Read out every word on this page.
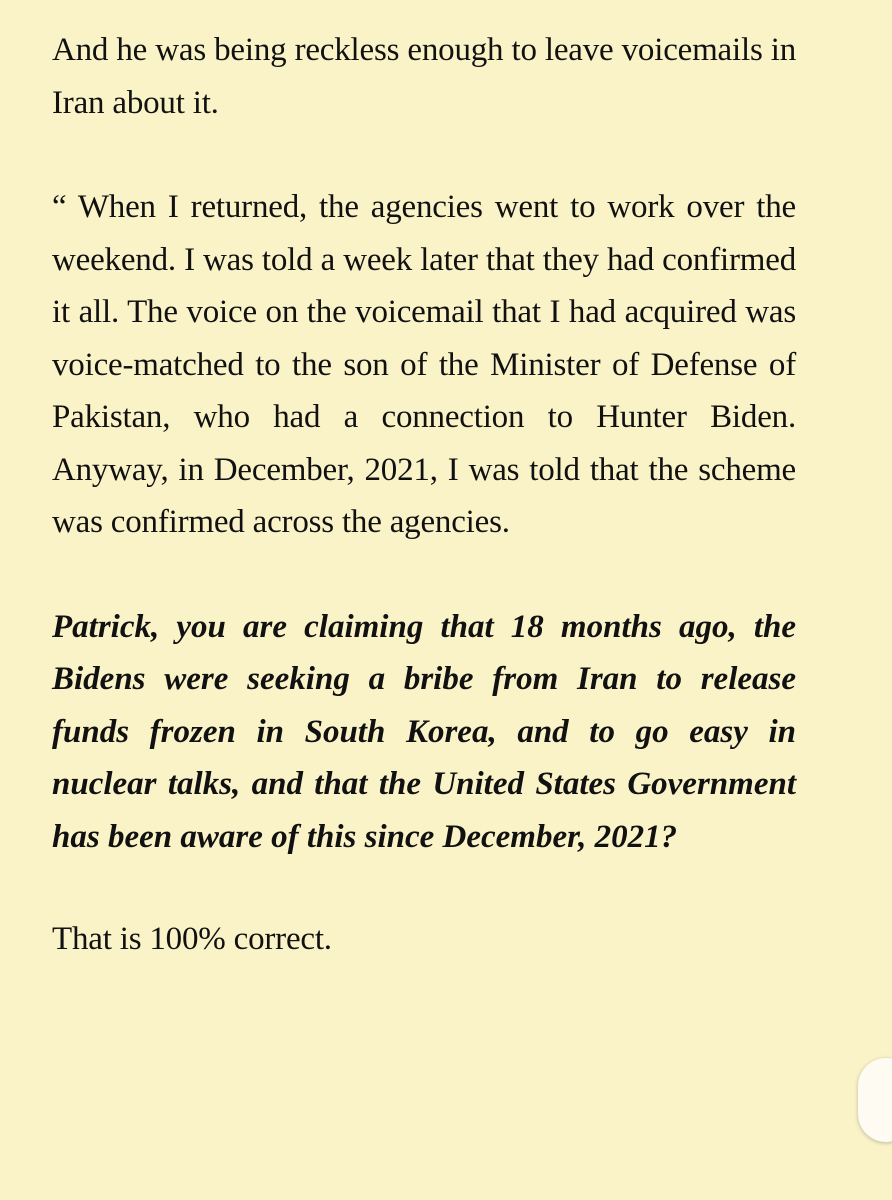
And he was being reckless enough to leave voicemails in Iran about it.

“ When I returned, the agencies went to work over the weekend. I was told a week later that they had confirmed it all. The voice on the voicemail that I had acquired was voice-matched to the son of the Minister of Defense of Pakistan, who had a connection to Hunter Biden. Anyway, in December, 2021, I was told that the scheme was confirmed across the agencies.

Patrick, you are claiming that 18 months ago, the Bidens were seeking a bribe from Iran to release funds frozen in South Korea, and to go easy in nuclear talks, and that the United States Government has been aware of this since December, 2021?

That is 100% correct.
